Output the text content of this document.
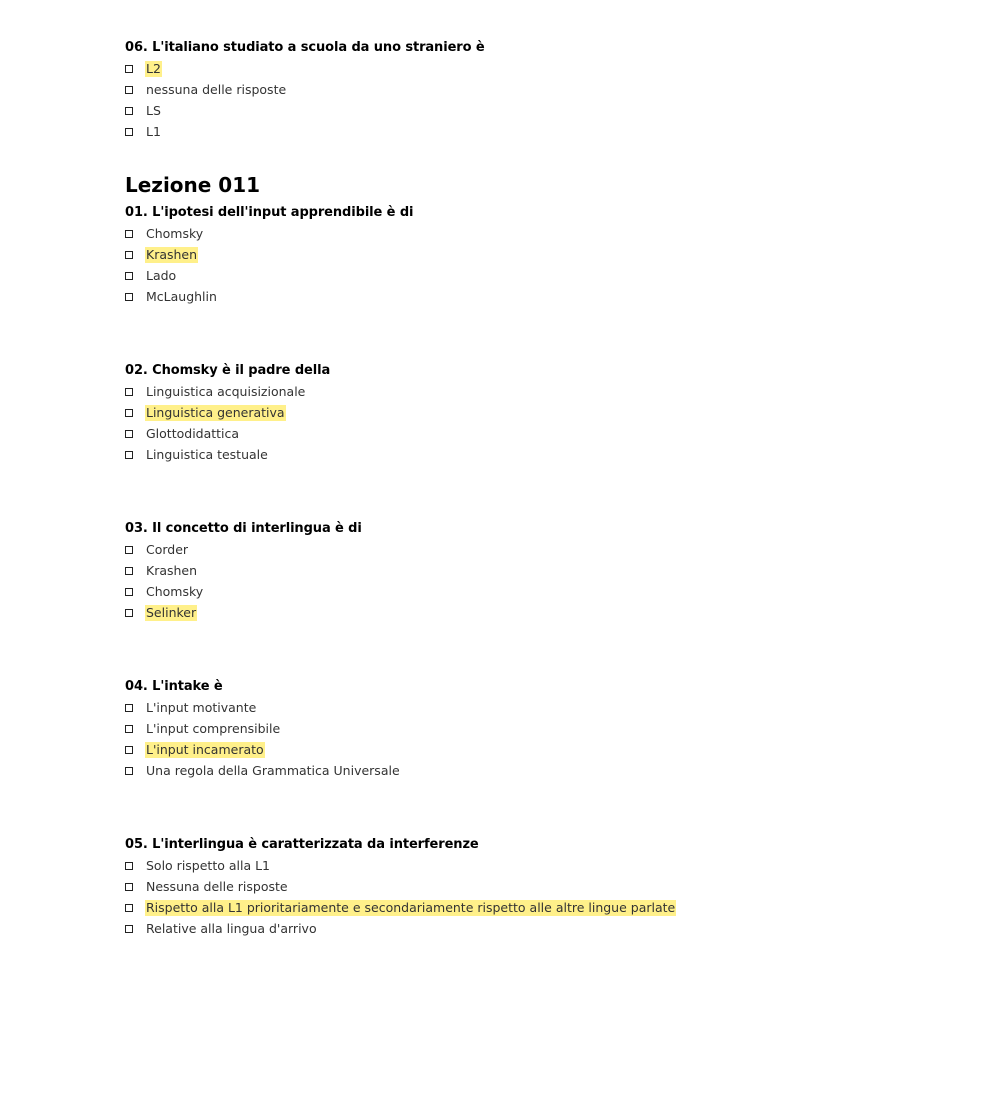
06. L'italiano studiato a scuola da uno straniero è
L2
nessuna delle risposte
LS
L1
Lezione 011
01. L'ipotesi dell'input apprendibile è di
Chomsky
Krashen
Lado
McLaughlin
02. Chomsky è il padre della
Linguistica acquisizionale
Linguistica generativa
Glottodidattica
Linguistica testuale
03. Il concetto di interlingua è di
Corder
Krashen
Chomsky
Selinker
04. L'intake è
L'input motivante
L'input comprensibile
L'input incamerato
Una regola della Grammatica Universale
05. L'interlingua è caratterizzata da interferenze
Solo rispetto alla L1
Nessuna delle risposte
Rispetto alla L1 prioritariamente e secondariamente rispetto alle altre lingue parlate
Relative alla lingua d'arrivo
